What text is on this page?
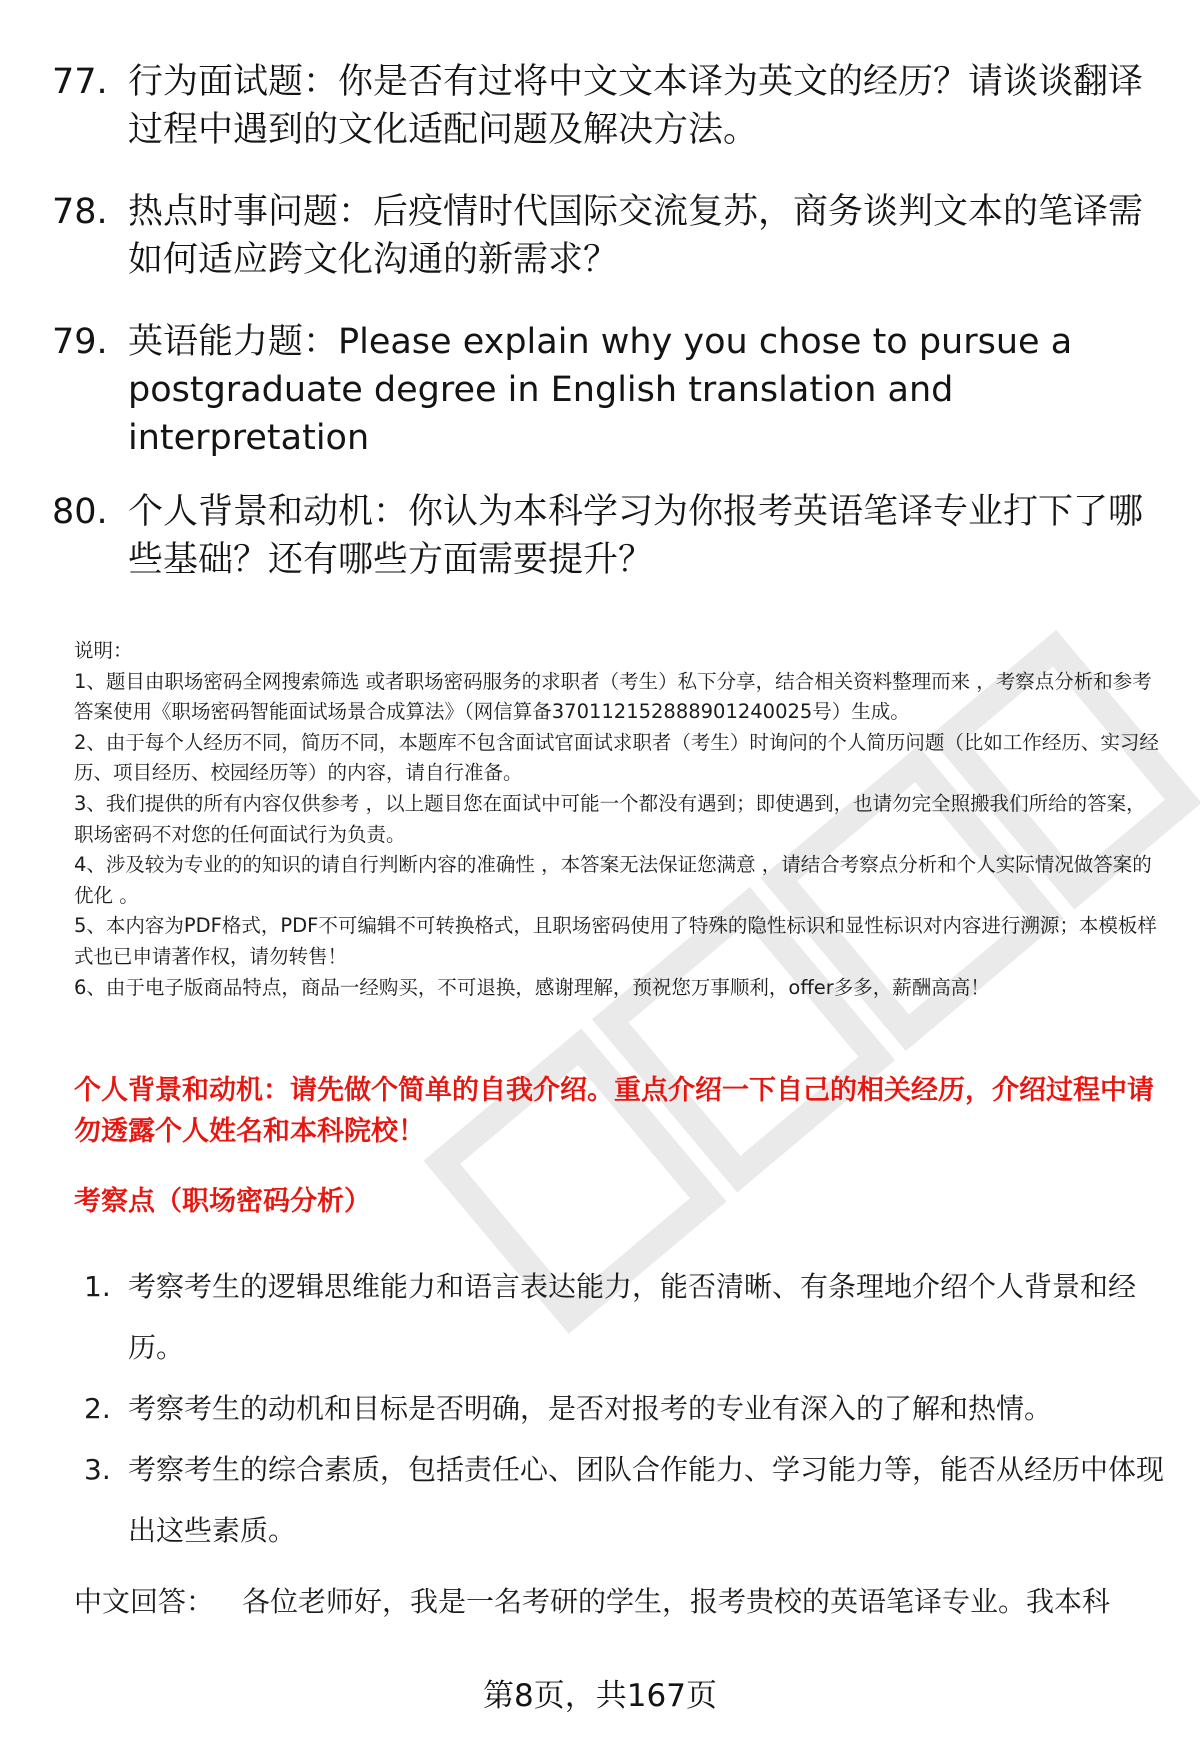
77. 行为面试题：你是否有过将中文文本译为英文的经历？请谈谈翻译过程中遇到的文化适配问题及解决方法。
78. 热点时事问题：后疫情时代国际交流复苏，商务谈判文本的笔译需如何适应跨文化沟通的新需求？
79. 英语能力题：Please explain why you chose to pursue a postgraduate degree in English translation and interpretation
80. 个人背景和动机：你认为本科学习为你报考英语笔译专业打下了哪些基础？还有哪些方面需要提升？

说明：

1、题目由职场密码全网搜索筛选 或者职场密码服务的求职者（考生）私下分享，结合相关资料整理而来 ，考察点分析和参考答案使用《职场密码智能面试场景合成算法》（网信算备370112152888901240025号）生成。

2、由于每个人经历不同，简历不同，本题库不包含面试官面试求职者（考生）时询问的个人简历问题（比如工作经历、实习经历、项目经历、校园经历等）的内容，请自行准备。

3、我们提供的所有内容仅供参考 ，以上题目您在面试中可能一个都没有遇到；即使遇到，也请勿完全照搬我们所给的答案，职场密码不对您的任何面试行为负责。

4、涉及较为专业的的知识的请自行判断内容的准确性 ，本答案无法保证您满意 ，请结合考察点分析和个人实际情况做答案的优化 。

5、本内容为PDF格式，PDF不可编辑不可转换格式，且职场密码使用了特殊的隐性标识和显性标识对内容进行溯源；本模板样式也已申请著作权，请勿转售！

6、由于电子版商品特点，商品一经购买，不可退换，感谢理解，预祝您万事顺利，offer多多，薪酬高高！

个人背景和动机：请先做个简单的自我介绍。重点介绍一下自己的相关经历，介绍过程中请勿透露个人姓名和本科院校！
考察点（职场密码分析）
1. 考察考生的逻辑思维能力和语言表达能力，能否清晰、有条理地介绍个人背景和经历。
2. 考察考生的动机和目标是否明确，是否对报考的专业有深入的了解和热情。
3. 考察考生的综合素质，包括责任心、团队合作能力、学习能力等，能否从经历中体现出这些素质。
中文回答： 各位老师好，我是一名考研的学生，报考贵校的英语笔译专业。我本科
第8页，共167页
